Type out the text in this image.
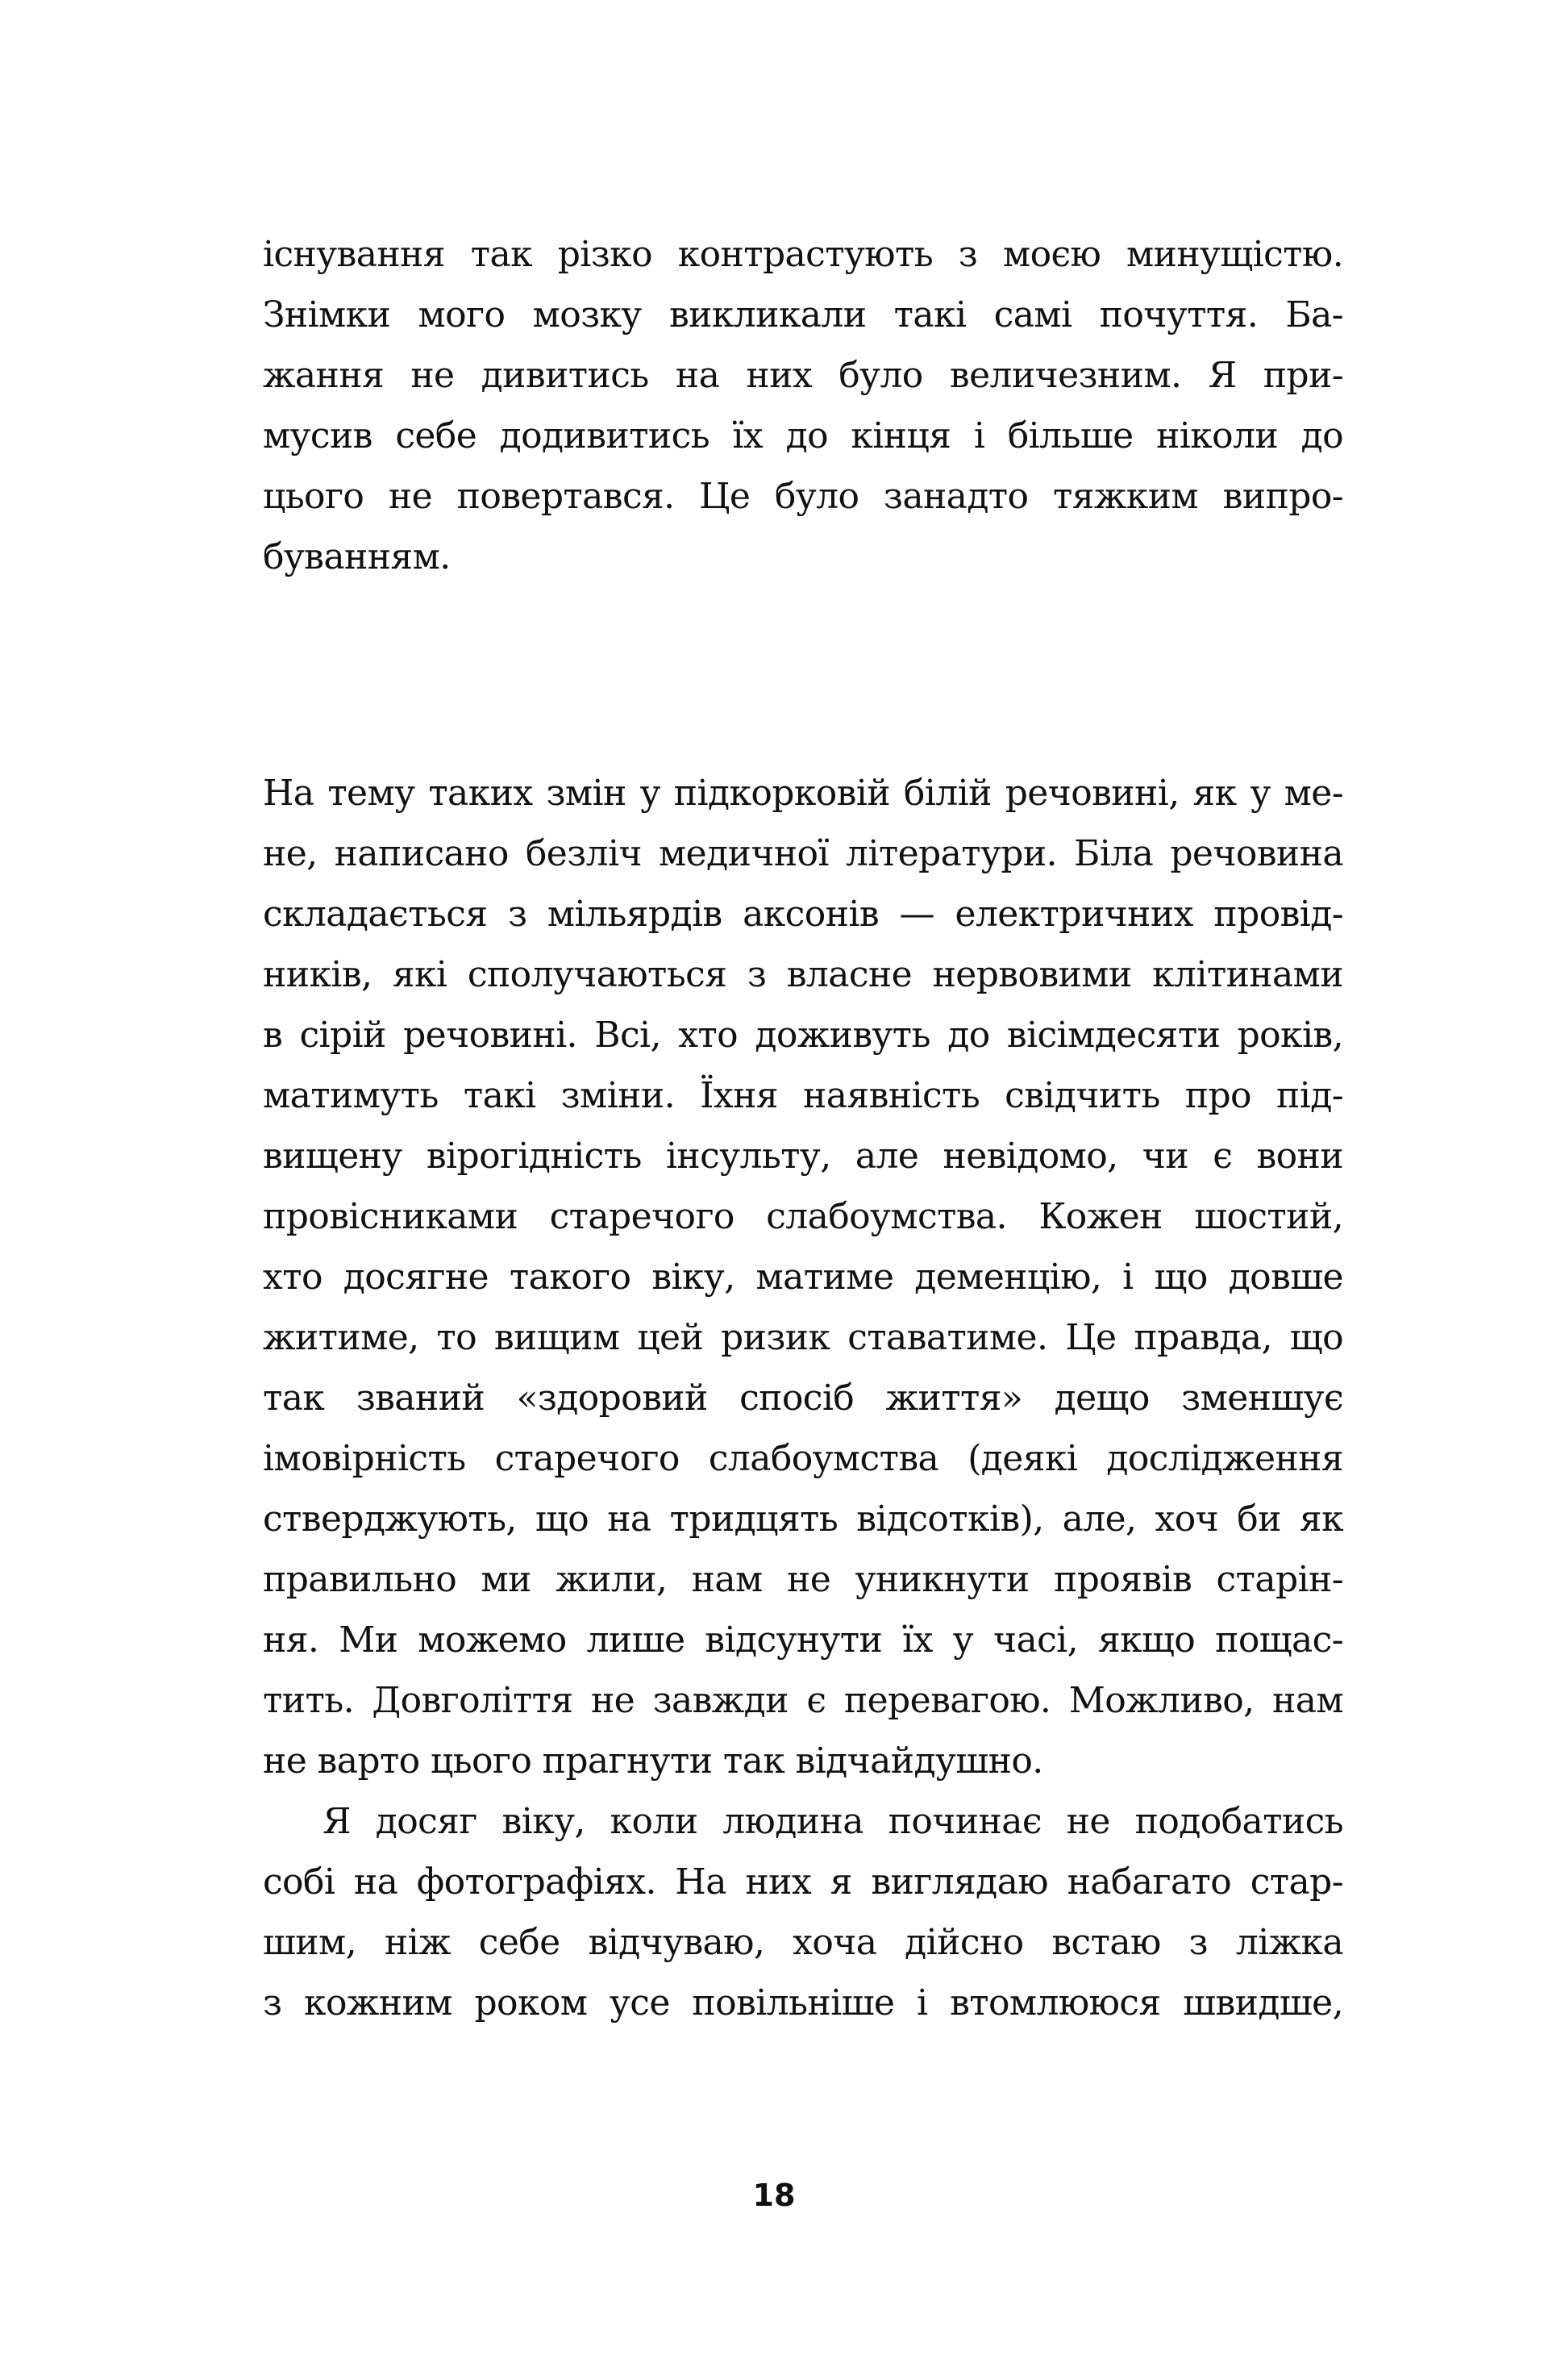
існування так різко контрастують з моєю минущістю.
Знімки мого мозку викликали такі самі почуття. Ба-
жання не дивитись на них було величезним. Я при-
мусив себе додивитись їх до кінця і більше ніколи до
цього не повертався. Це було занадто тяжким випро-
буванням.
На тему таких змін у підкорковій білій речовині, як у ме-
не, написано безліч медичної літератури. Біла речовина
складається з мільярдів аксонів — електричних провід-
ників, які сполучаються з власне нервовими клітинами
в сірій речовині. Всі, хто доживуть до вісімдесяти років,
матимуть такі зміни. Їхня наявність свідчить про під-
вищену вірогідність інсульту, але невідомо, чи є вони
провісниками старечого слабоумства. Кожен шостий,
хто досягне такого віку, матиме деменцію, і що довше
житиме, то вищим цей ризик ставатиме. Це правда, що
так званий «здоровий спосіб життя» дещо зменшує
імовірність старечого слабоумства (деякі дослідження
стверджують, що на тридцять відсотків), але, хоч би як
правильно ми жили, нам не уникнути проявів старін-
ня. Ми можемо лише відсунути їх у часі, якщо пощас-
тить. Довголіття не завжди є перевагою. Можливо, нам
не варто цього прагнути так відчайдушно.
Я досяг віку, коли людина починає не подобатись
собі на фотографіях. На них я виглядаю набагато стар-
шим, ніж себе відчуваю, хоча дійсно встаю з ліжка
з кожним роком усе повільніше і втомлююся швидше,
18
